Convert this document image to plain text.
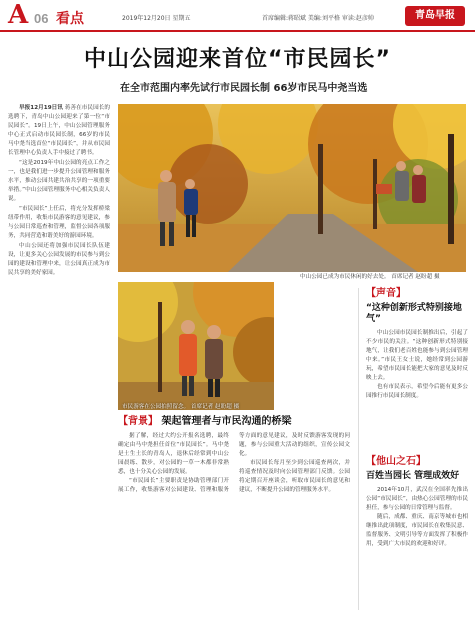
A 06 看点	2019年12月20日 星期五	首席编辑:蒋昭斌 美编:刘平格 审读:赵彦帅	青岛早报
中山公园迎来首位“市民园长”
在全市范围内率先试行市民园长制 66岁市民马中尧当选

早报12月19日讯 蒋善在市民园长的选聘下，青岛中山公园迎来了第一位“市民园长”。19日上午，中山公园管理服务中心正式启动市民园长制，66岁的市民马中尧当选首位“市民园长”，并从市民园长管理中心负责人手中接过了聘书。

“这是2019年中山公园的亮点工作之一，也是我们进一步提升公园管理和服务水平，推动公园共建共治共享的一项重要举措。”中山公园管理服务中心相关负责人说。

“市民园长”上任后，将充分发挥桥梁纽带作用，收集市民游客的意见建议，参与公园日常巡查和管理，监督公园各项服务，共同营造和谐美好的游园环境。

中山公园还将加强市民园长队伍建设，让更多关心公园发展的市民参与到公园的建设和管理中来，让公园真正成为市民共享的美好家园。

中山公园已成为市民休闲的好去处。 首席记者 赵盼超 摄
市民游客在公园拍照留念。 首席记者 赵盼超 摄
【背景】 架起管理者与市民沟通的桥梁

据了解，经过大约公开报名选聘，最终确定由马中尧担任首位“市民园长”。马中尧是土生土长的青岛人，退休后经常到中山公园晨练、散步，对公园的一草一木都非常熟悉，也十分关心公园的发展。

“市民园长”主要职责是协助管理部门开展工作，收集游客对公园建设、管理和服务等方面的意见建议，及时反馈游客发现的问题，参与公园重大活动的组织，宣传公园文化。

市民园长每月至少到公园巡查两次，并将巡查情况及时向公园管理部门反馈。公园将定期召开座谈会，听取市民园长的意见和建议，不断提升公园的管理服务水平。

【声音】
“这种创新形式特别接地气”

中山公园市民园长制推出后，引起了不少市民的关注。“这种创新形式特别接地气，让我们老百姓也能参与到公园管理中来。”市民王女士说，她经常到公园游玩，希望市民园长能把大家的意见及时反映上去。

也有市民表示，希望今后能有更多公园推行市民园长制度。

【他山之石】
百姓当园长 管理成效好

2014年10月，武汉在全国率先推出公园“市民园长”，由热心公园管理的市民担任，参与公园的日常管理与监督。

随后，成都、重庆、南京等城市也相继推出此项制度，市民园长在收集民意、监督服务、文明引导等方面发挥了积极作用，受到广大市民的欢迎和好评。
